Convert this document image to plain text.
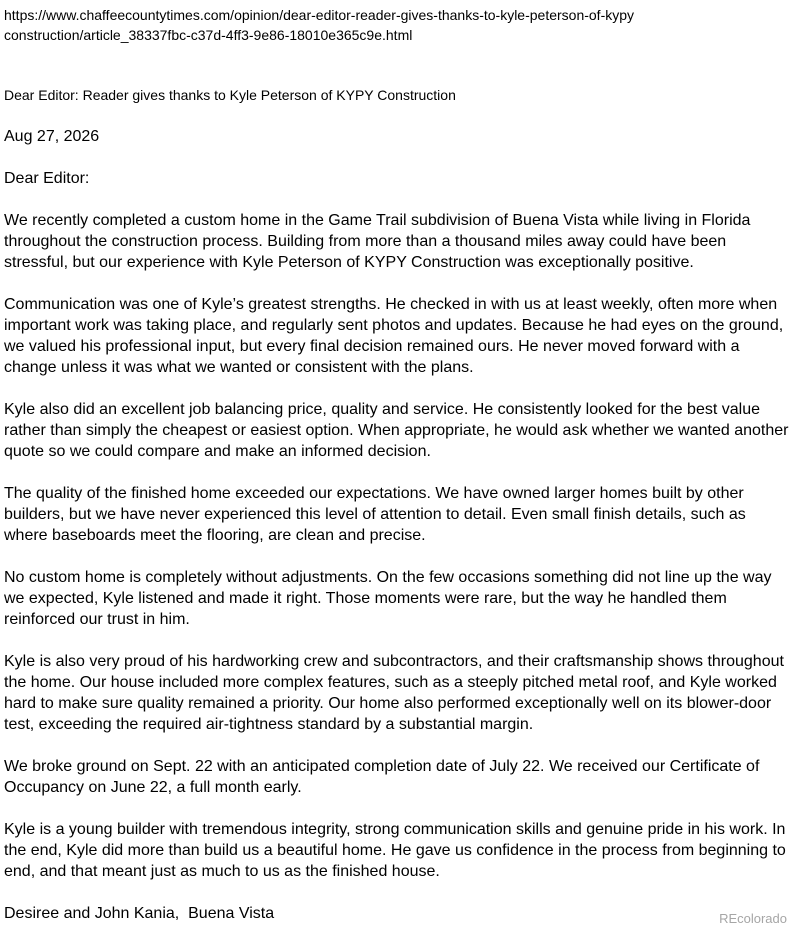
https://www.chaffeecountytimes.com/opinion/dear-editor-reader-gives-thanks-to-kyle-peterson-of-kypy
construction/article_38337fbc-c37d-4ff3-9e86-18010e365c9e.html

Dear Editor: Reader gives thanks to Kyle Peterson of KYPY Construction

Aug 27, 2026

Dear Editor:

We recently completed a custom home in the Game Trail subdivision of Buena Vista while living in Florida throughout the construction process. Building from more than a thousand miles away could have been stressful, but our experience with Kyle Peterson of KYPY Construction was exceptionally positive.

Communication was one of Kyle’s greatest strengths. He checked in with us at least weekly, often more when important work was taking place, and regularly sent photos and updates. Because he had eyes on the ground, we valued his professional input, but every final decision remained ours. He never moved forward with a change unless it was what we wanted or consistent with the plans.

Kyle also did an excellent job balancing price, quality and service. He consistently looked for the best value rather than simply the cheapest or easiest option. When appropriate, he would ask whether we wanted another quote so we could compare and make an informed decision.

The quality of the finished home exceeded our expectations. We have owned larger homes built by other builders, but we have never experienced this level of attention to detail. Even small finish details, such as where baseboards meet the flooring, are clean and precise.

No custom home is completely without adjustments. On the few occasions something did not line up the way we expected, Kyle listened and made it right. Those moments were rare, but the way he handled them reinforced our trust in him.

Kyle is also very proud of his hardworking crew and subcontractors, and their craftsmanship shows throughout the home. Our house included more complex features, such as a steeply pitched metal roof, and Kyle worked hard to make sure quality remained a priority. Our home also performed exceptionally well on its blower-door test, exceeding the required air-tightness standard by a substantial margin.

We broke ground on Sept. 22 with an anticipated completion date of July 22. We received our Certificate of Occupancy on June 22, a full month early.

Kyle is a young builder with tremendous integrity, strong communication skills and genuine pride in his work. In the end, Kyle did more than build us a beautiful home. He gave us confidence in the process from beginning to end, and that meant just as much to us as the finished house.

Desiree and John Kania,  Buena Vista	REcolorado
